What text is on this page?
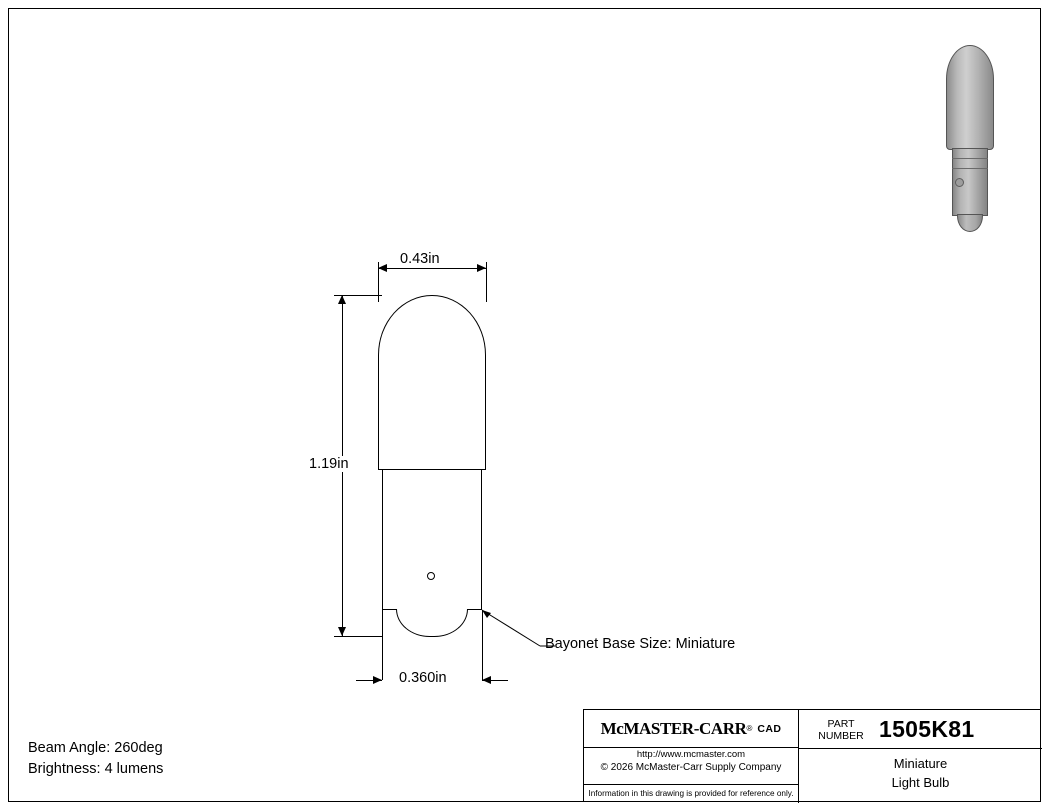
0.43in
1.19in
0.360in
Bayonet Base Size: Miniature
Beam Angle: 260deg
Brightness: 4 lumens
McMASTER-CARR ® CAD
http://www.mcmaster.com
© 2026 McMaster-Carr Supply Company
Information in this drawing is provided for reference only.
PART
NUMBER 1505K81
Miniature
Light Bulb
